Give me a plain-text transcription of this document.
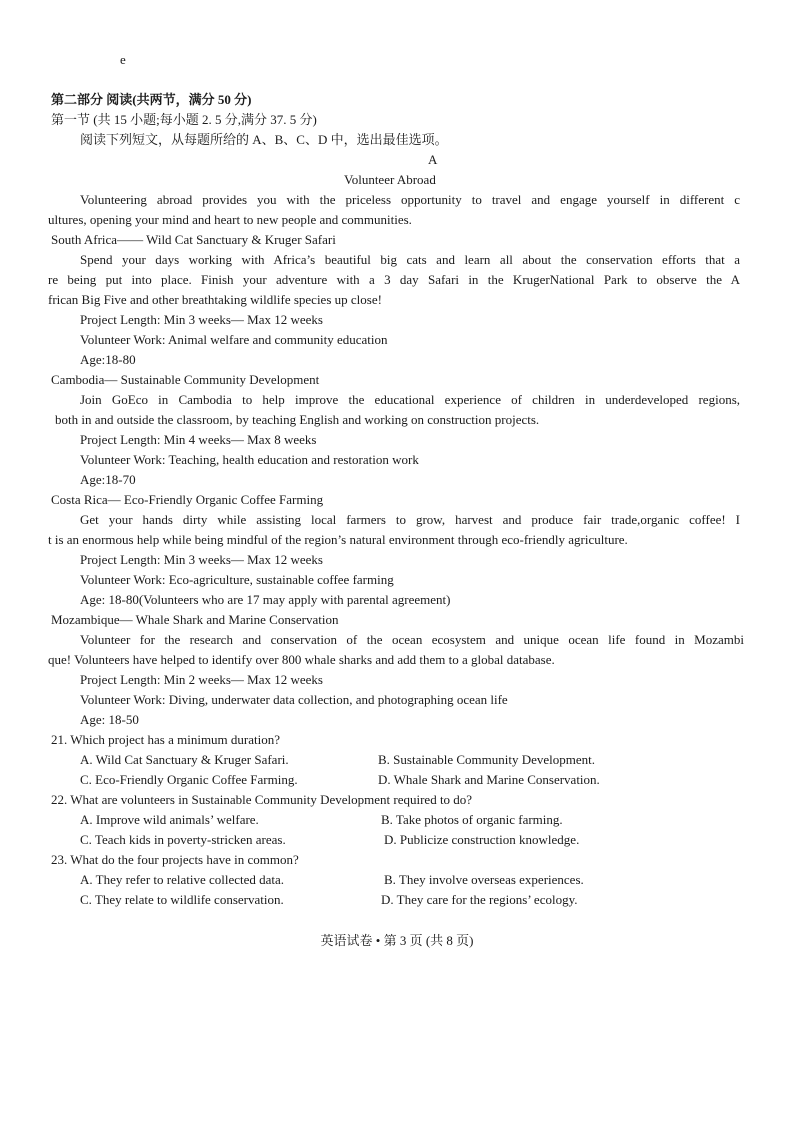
e
第二部分 阅读(共两节，满分 50 分)
第一节 (共 15 小题;每小题 2. 5 分,满分 37. 5 分)
阅读下列短文，从每题所给的 A、B、C、D 中，选出最佳选项。
A
Volunteer Abroad
Volunteering abroad provides you with the priceless opportunity to travel and engage yourself in different c
ultures, opening your mind and heart to new people and communities.
South Africa—— Wild Cat Sanctuary & Kruger Safari
Spend your days working with Africa’s beautiful big cats and learn all about the conservation efforts that a
re being put into place. Finish your adventure with a 3 day Safari in the KrugerNational Park to observe the A
frican Big Five and other breathtaking wildlife species up close!
Project Length: Min 3 weeks— Max 12 weeks
Volunteer Work: Animal welfare and community education
Age:18-80
Cambodia— Sustainable Community Development
Join GoEco in Cambodia to help improve the educational experience of children in underdeveloped regions,
both in and outside the classroom, by teaching English and working on construction projects.
Project Length: Min 4 weeks— Max 8 weeks
Volunteer Work: Teaching, health education and restoration work
Age:18-70
Costa Rica— Eco-Friendly Organic Coffee Farming
Get your hands dirty while assisting local farmers to grow, harvest and produce fair trade,organic coffee! I
t is an enormous help while being mindful of the region’s natural environment through eco-friendly agriculture.
Project Length: Min 3 weeks— Max 12 weeks
Volunteer Work: Eco-agriculture, sustainable coffee farming
Age: 18-80(Volunteers who are 17 may apply with parental agreement)
Mozambique— Whale Shark and Marine Conservation
Volunteer for the research and conservation of the ocean ecosystem and unique ocean life found in Mozambi
que! Volunteers have helped to identify over 800 whale sharks and add them to a global database.
Project Length: Min 2 weeks— Max 12 weeks
Volunteer Work: Diving, underwater data collection, and photographing ocean life
Age: 18-50
21. Which project has a minimum duration?
A. Wild Cat Sanctuary & Kruger Safari.	B. Sustainable Community Development.
C. Eco-Friendly Organic Coffee Farming.	D. Whale Shark and Marine Conservation.
22. What are volunteers in Sustainable Community Development required to do?
A. Improve wild animals’ welfare.	B. Take photos of organic farming.
C. Teach kids in poverty-stricken areas.	D. Publicize construction knowledge.
23. What do the four projects have in common?
A. They refer to relative collected data.	B. They involve overseas experiences.
C. They relate to wildlife conservation.	D. They care for the regions’ ecology.
英语试卷 • 第 3 页 (共 8 页)
